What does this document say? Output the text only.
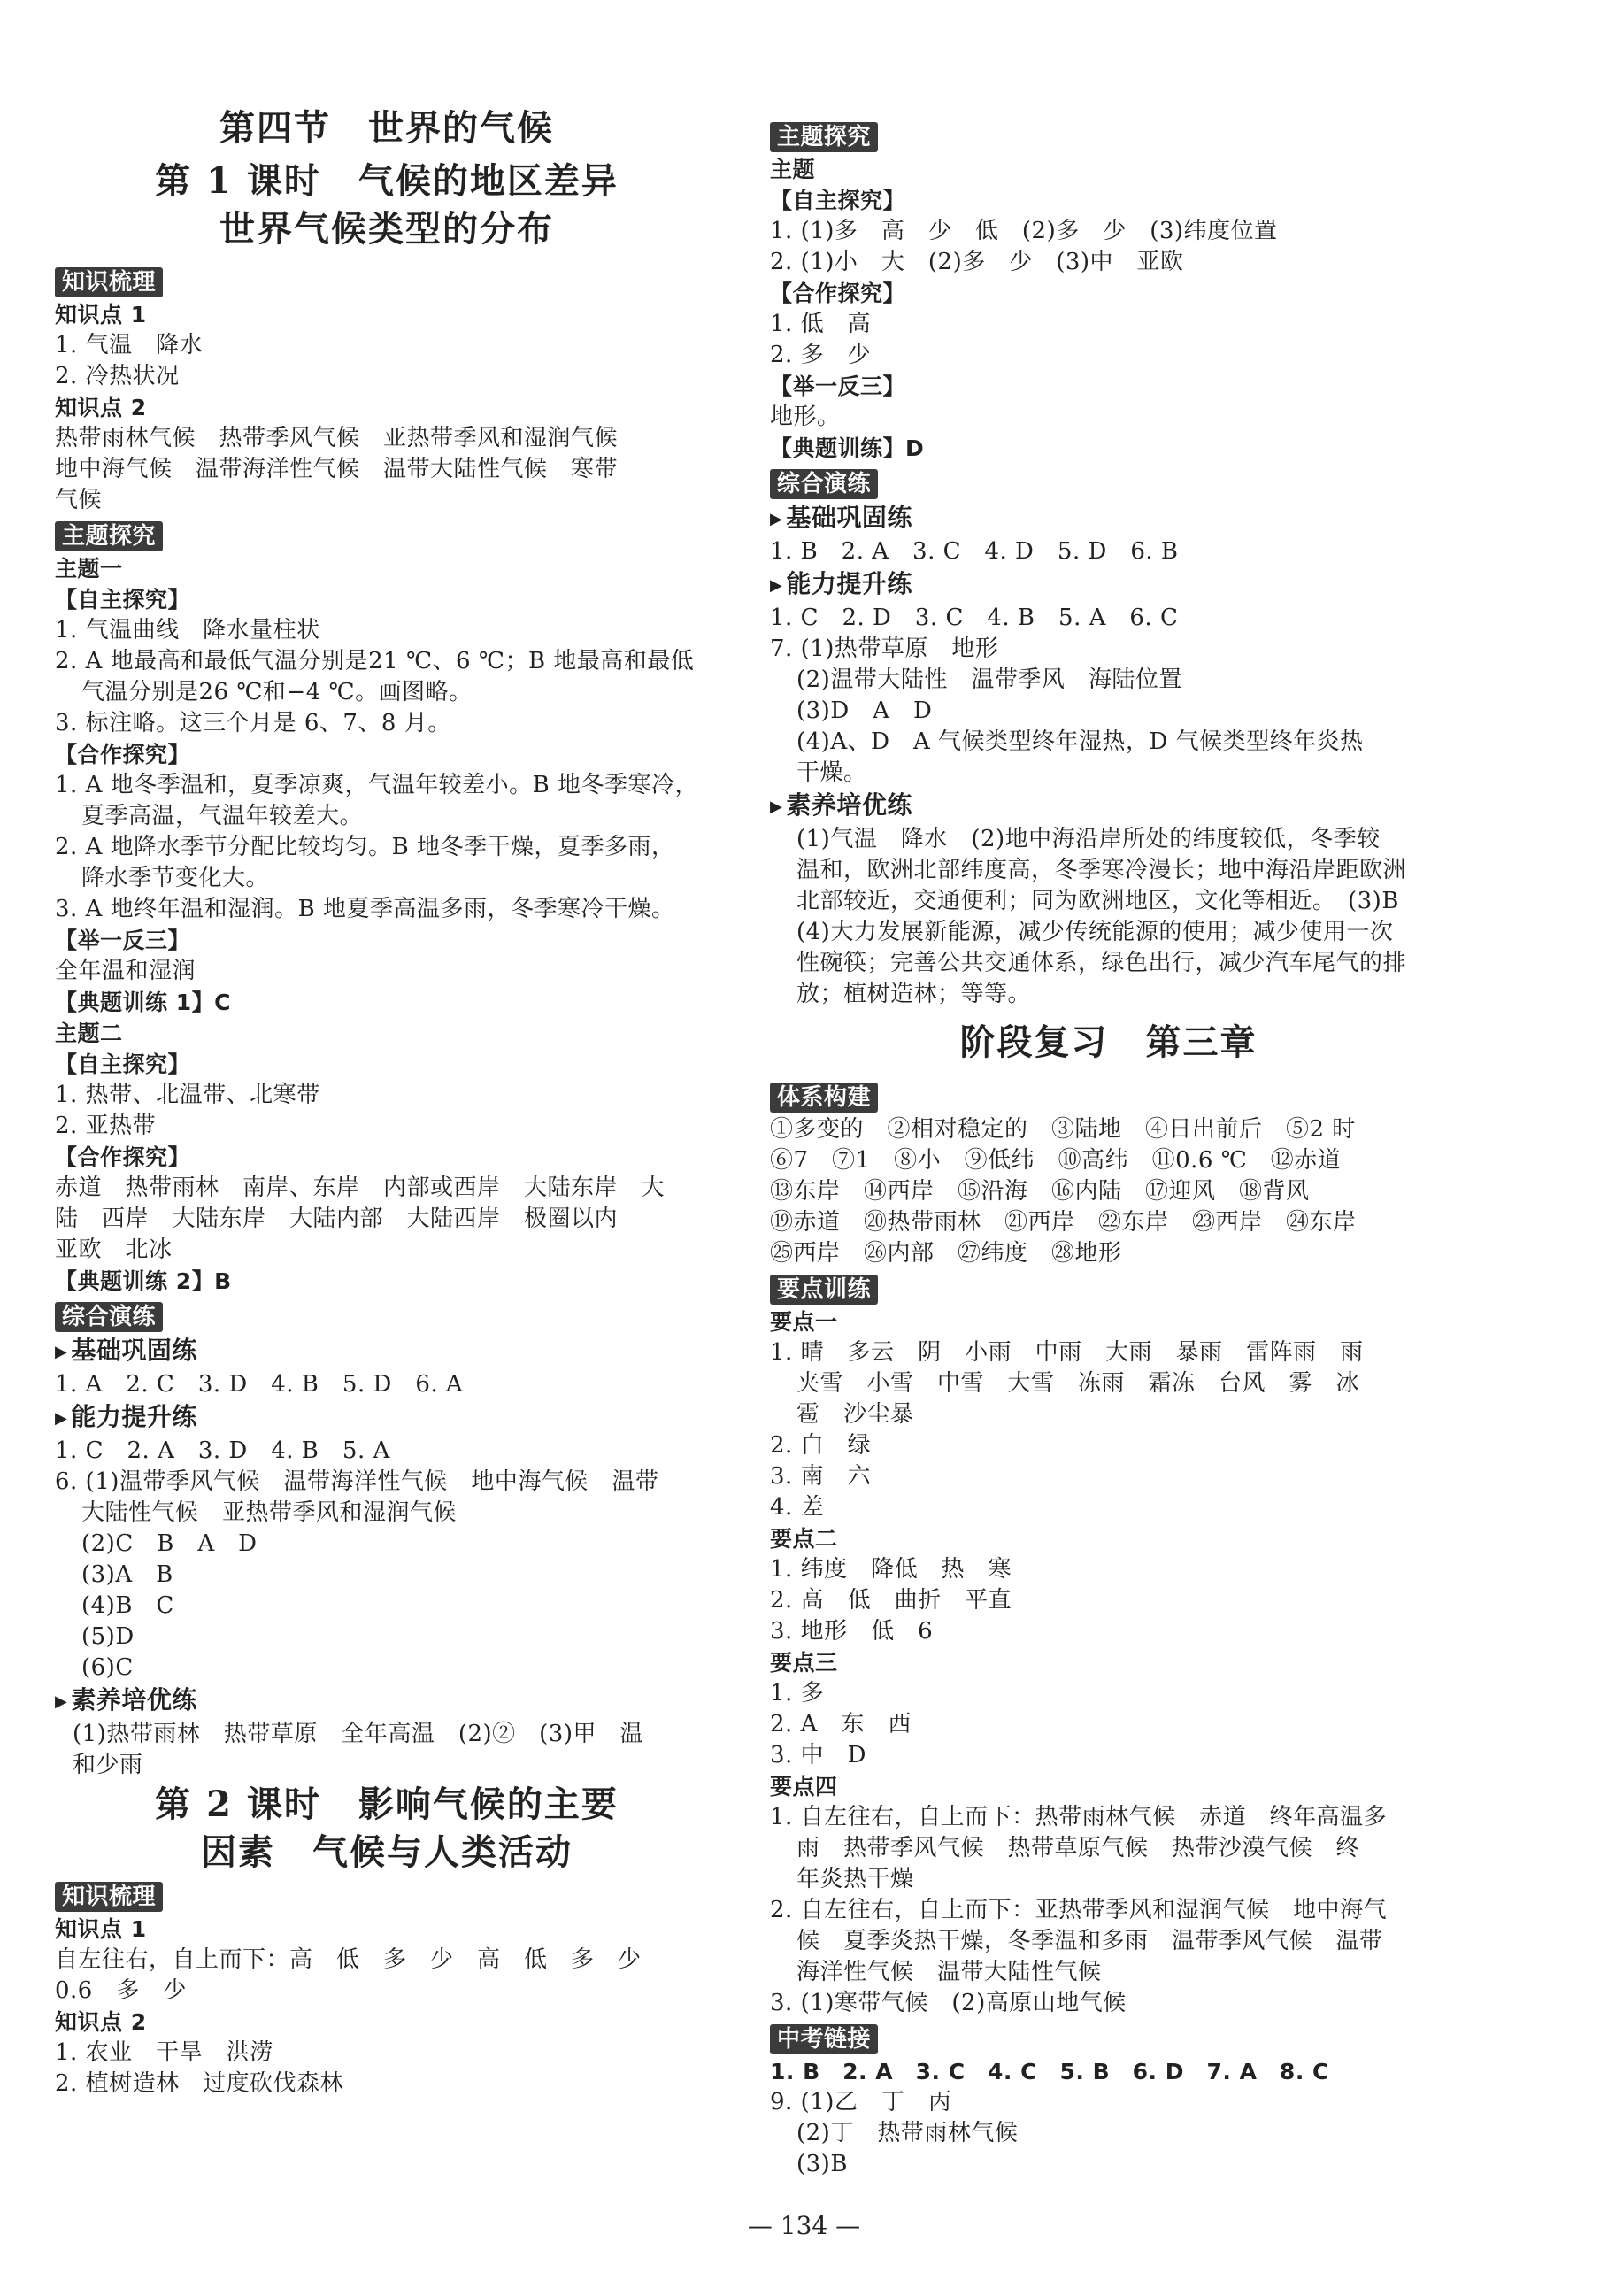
第四节　世界的气候
第 1 课时　气候的地区差异
世界气候类型的分布
知识梳理
知识点 1
1. 气温　降水
2. 冷热状况
知识点 2
热带雨林气候　热带季风气候　亚热带季风和湿润气候
地中海气候　温带海洋性气候　温带大陆性气候　寒带
气候
主题探究
主题一
【自主探究】
1. 气温曲线　降水量柱状
2. A 地最高和最低气温分别是21 ℃、6 ℃；B 地最高和最低
气温分别是26 ℃和−4 ℃。画图略。
3. 标注略。这三个月是 6、7、8 月。
【合作探究】
1. A 地冬季温和，夏季凉爽，气温年较差小。B 地冬季寒冷，
夏季高温，气温年较差大。
2. A 地降水季节分配比较均匀。B 地冬季干燥，夏季多雨，
降水季节变化大。
3. A 地终年温和湿润。B 地夏季高温多雨，冬季寒冷干燥。
【举一反三】
全年温和湿润
【典题训练 1】C
主题二
【自主探究】
1. 热带、北温带、北寒带
2. 亚热带
【合作探究】
赤道　热带雨林　南岸、东岸　内部或西岸　大陆东岸　大
陆　西岸　大陆东岸　大陆内部　大陆西岸　极圈以内
亚欧　北冰
【典题训练 2】B
综合演练
▶ 基础巩固练
1. A　2. C　3. D　4. B　5. D　6. A
▶ 能力提升练
1. C　2. A　3. D　4. B　5. A
6. (1)温带季风气候　温带海洋性气候　地中海气候　温带
大陆性气候　亚热带季风和湿润气候
(2)C　B　A　D
(3)A　B
(4)B　C
(5)D
(6)C
▶ 素养培优练
(1)热带雨林　热带草原　全年高温　(2)②　(3)甲　温
和少雨
第 2 课时　影响气候的主要
因素　气候与人类活动
知识梳理
知识点 1
自左往右，自上而下：高　低　多　少　高　低　多　少
0.6　多　少
知识点 2
1. 农业　干旱　洪涝
2. 植树造林　过度砍伐森林
主题探究
主题
【自主探究】
1. (1)多　高　少　低　(2)多　少　(3)纬度位置
2. (1)小　大　(2)多　少　(3)中　亚欧
【合作探究】
1. 低　高
2. 多　少
【举一反三】
地形。
【典题训练】D
综合演练
▶ 基础巩固练
1. B　2. A　3. C　4. D　5. D　6. B
▶ 能力提升练
1. C　2. D　3. C　4. B　5. A　6. C
7. (1)热带草原　地形
(2)温带大陆性　温带季风　海陆位置
(3)D　A　D
(4)A、D　A 气候类型终年湿热，D 气候类型终年炎热
干燥。
▶ 素养培优练
(1)气温　降水　(2)地中海沿岸所处的纬度较低，冬季较
温和，欧洲北部纬度高，冬季寒冷漫长；地中海沿岸距欧洲
北部较近，交通便利；同为欧洲地区，文化等相近。　(3)B
(4)大力发展新能源，减少传统能源的使用；减少使用一次
性碗筷；完善公共交通体系，绿色出行，减少汽车尾气的排
放；植树造林；等等。
阶段复习　第三章
体系构建
①多变的　②相对稳定的　③陆地　④日出前后　⑤2 时
⑥7　⑦1　⑧小　⑨低纬　⑩高纬　⑪0.6 ℃　⑫赤道
⑬东岸　⑭西岸　⑮沿海　⑯内陆　⑰迎风　⑱背风
⑲赤道　⑳热带雨林　㉑西岸　㉒东岸　㉓西岸　㉔东岸
㉕西岸　㉖内部　㉗纬度　㉘地形
要点训练
要点一
1. 晴　多云　阴　小雨　中雨　大雨　暴雨　雷阵雨　雨
夹雪　小雪　中雪　大雪　冻雨　霜冻　台风　雾　冰
雹　沙尘暴
2. 白　绿
3. 南　六
4. 差
要点二
1. 纬度　降低　热　寒
2. 高　低　曲折　平直
3. 地形　低　6
要点三
1. 多
2. A　东　西
3. 中　D
要点四
1. 自左往右，自上而下：热带雨林气候　赤道　终年高温多
雨　热带季风气候　热带草原气候　热带沙漠气候　终
年炎热干燥
2. 自左往右，自上而下：亚热带季风和湿润气候　地中海气
候　夏季炎热干燥，冬季温和多雨　温带季风气候　温带
海洋性气候　温带大陆性气候
3. (1)寒带气候　(2)高原山地气候
中考链接
1. B　2. A　3. C　4. C　5. B　6. D　7. A　8. C
9. (1)乙　丁　丙
(2)丁　热带雨林气候
(3)B
— 134 —
